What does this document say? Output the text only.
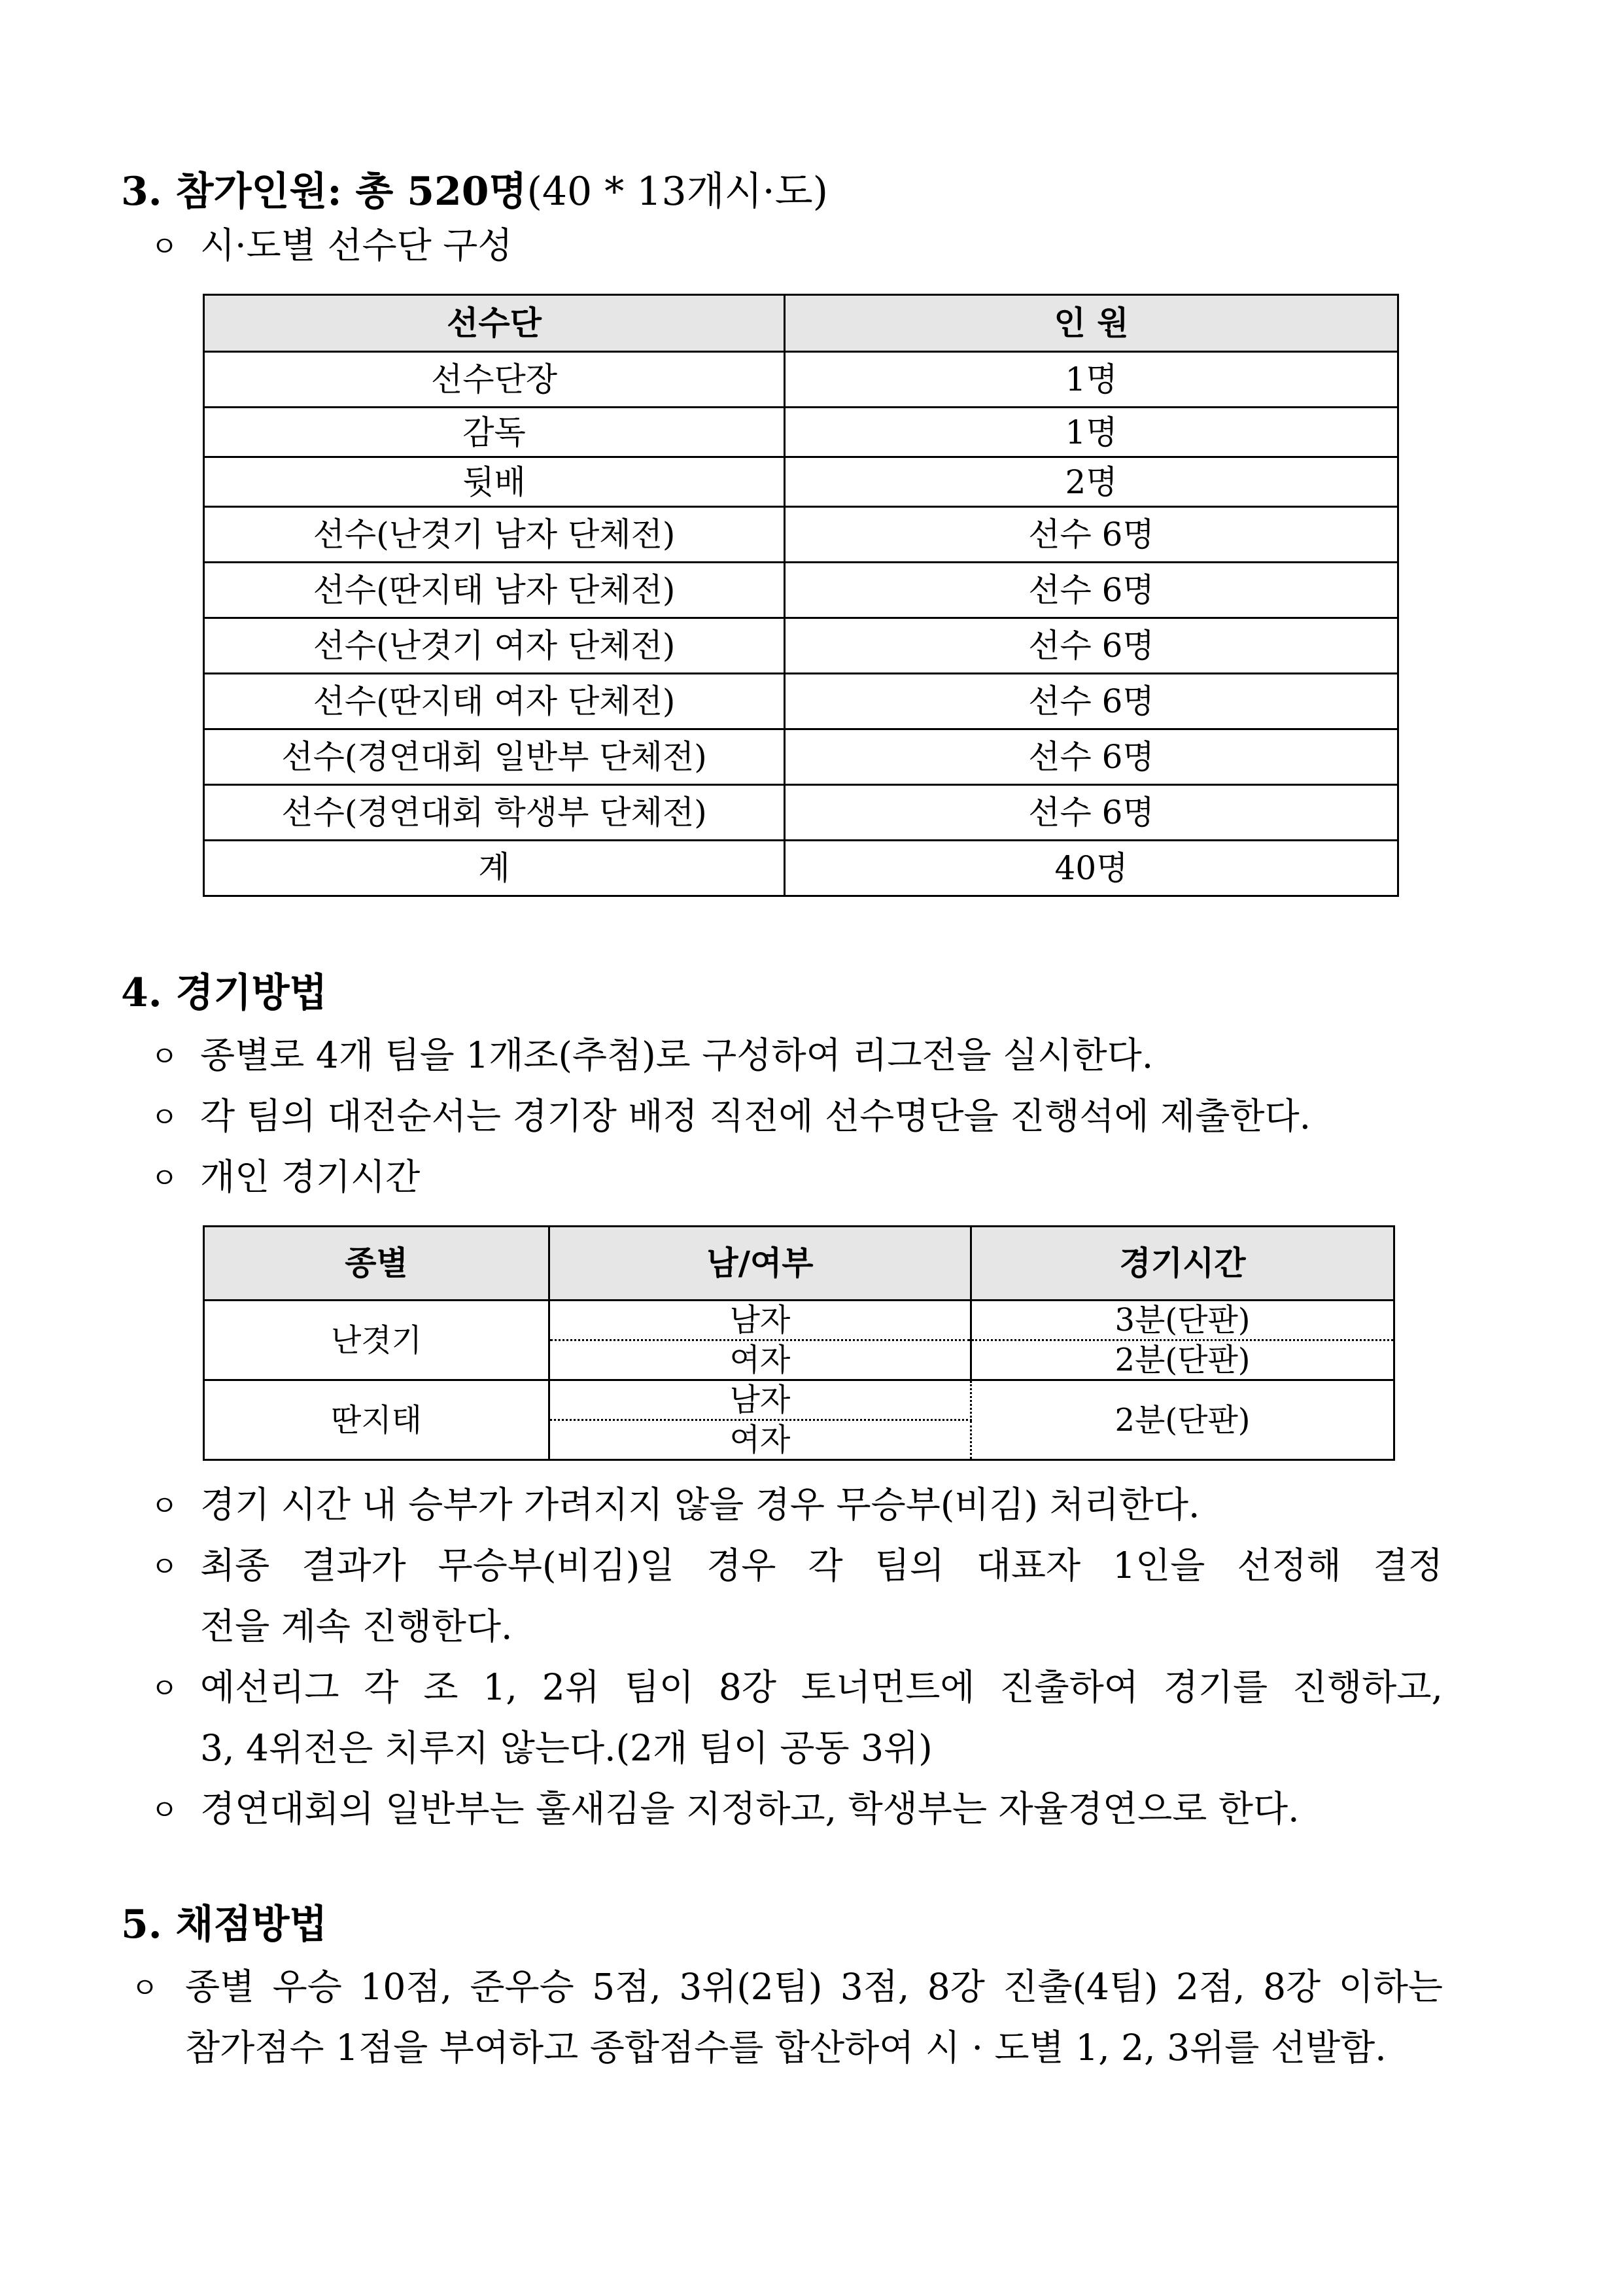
3. 참가인원: 총 520명(40 * 13개시·도)
ㅇ 시·도별 선수단 구성
선수단	인 원
선수단장	1명
감독	1명
뒷배	2명
선수(난겻기 남자 단체전)	선수 6명
선수(딴지태 남자 단체전)	선수 6명
선수(난겻기 여자 단체전)	선수 6명
선수(딴지태 여자 단체전)	선수 6명
선수(경연대회 일반부 단체전)	선수 6명
선수(경연대회 학생부 단체전)	선수 6명
계	40명
4. 경기방법
ㅇ 종별로 4개 팀을 1개조(추첨)로 구성하여 리그전을 실시한다.
ㅇ 각 팀의 대전순서는 경기장 배정 직전에 선수명단을 진행석에 제출한다.
ㅇ 개인 경기시간
종별	남/여부	경기시간
난겻기	남자	3분(단판)
	여자	2분(단판)
딴지태	남자	2분(단판)
	여자	
ㅇ 경기 시간 내 승부가 가려지지 않을 경우 무승부(비김) 처리한다.
ㅇ 최종 결과가 무승부(비김)일 경우 각 팀의 대표자 1인을 선정해 결정
전을 계속 진행한다.
ㅇ 예선리그 각 조 1, 2위 팀이 8강 토너먼트에 진출하여 경기를 진행하고,
3, 4위전은 치루지 않는다.(2개 팀이 공동 3위)
ㅇ 경연대회의 일반부는 훌새김을 지정하고, 학생부는 자율경연으로 한다.
5. 채점방법
ㅇ 종별 우승 10점, 준우승 5점, 3위(2팀) 3점, 8강 진출(4팀) 2점, 8강 이하는
참가점수 1점을 부여하고 종합점수를 합산하여 시 · 도별 1, 2, 3위를 선발함.
